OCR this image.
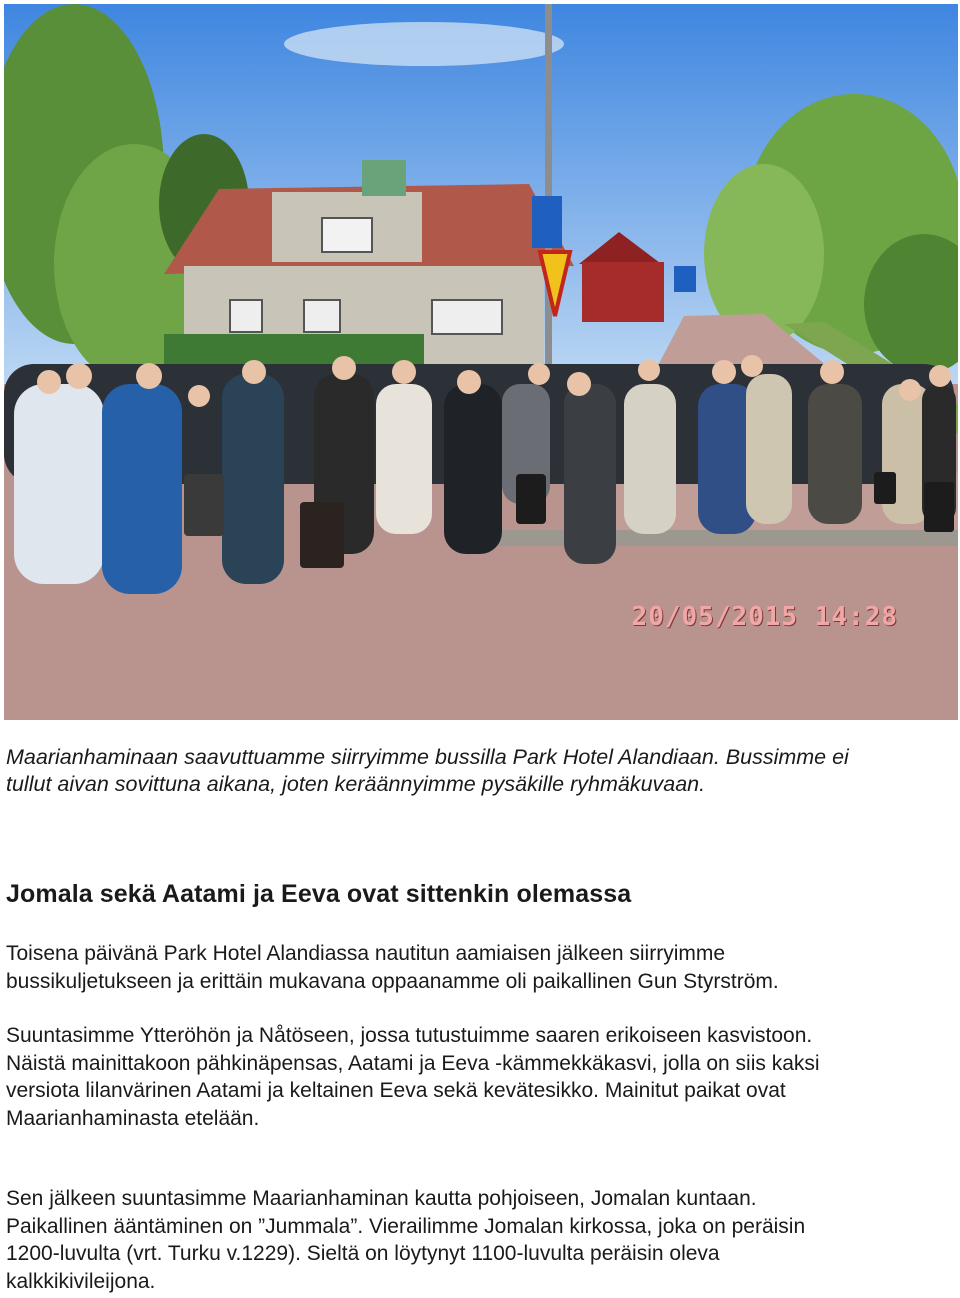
20/05/2015 14:28

Maarianhaminaan saavuttuamme siirryimme bussilla Park Hotel Alandiaan. Bussimme ei

tullut aivan sovittuna aikana, joten keräännyimme pysäkille ryhmäkuvaan.

Jomala sekä Aatami ja Eeva ovat sittenkin olemassa

Toisena päivänä Park Hotel Alandiassa nautitun aamiaisen jälkeen siirryimme

bussikuljetukseen ja erittäin mukavana oppaanamme oli paikallinen Gun Styrström.

Suuntasimme Ytteröhön ja Nåtöseen, jossa tutustuimme saaren erikoiseen kasvistoon.

Näistä mainittakoon pähkinäpensas, Aatami ja Eeva -kämmekkäkasvi, jolla on siis kaksi

versiota lilanvärinen Aatami ja keltainen Eeva sekä kevätesikko. Mainitut paikat ovat

Maarianhaminasta etelään.

Sen jälkeen suuntasimme Maarianhaminan kautta pohjoiseen, Jomalan kuntaan.

Paikallinen ääntäminen on ”Jummala”. Vierailimme Jomalan kirkossa, joka on peräisin

1200-luvulta (vrt. Turku v.1229). Sieltä on löytynyt 1100-luvulta peräisin oleva

kalkkikivileijona.
